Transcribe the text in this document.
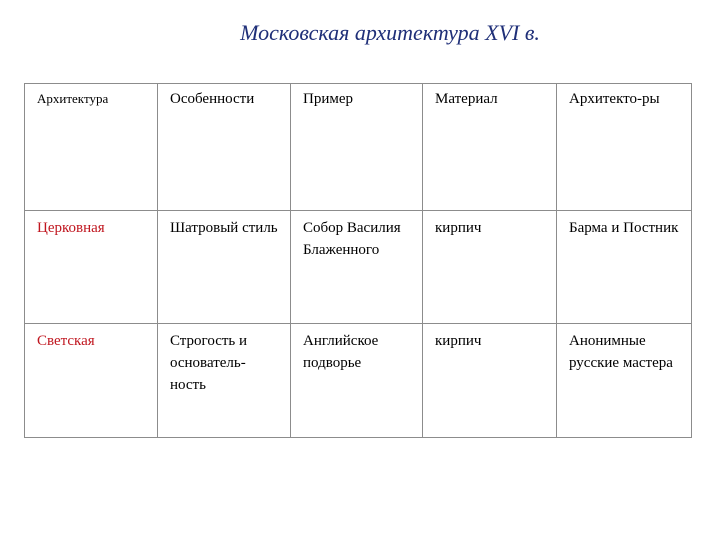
Московская архитектура XVI в.
Архитектура	Особенности	Пример	Материал	Архитекто-ры
Церковная	Шатровый стиль	Собор Василия Блаженного	кирпич	Барма и Постник
Светская	Строгость и основатель-ность	Английское подворье	кирпич	Анонимные русские мастера
